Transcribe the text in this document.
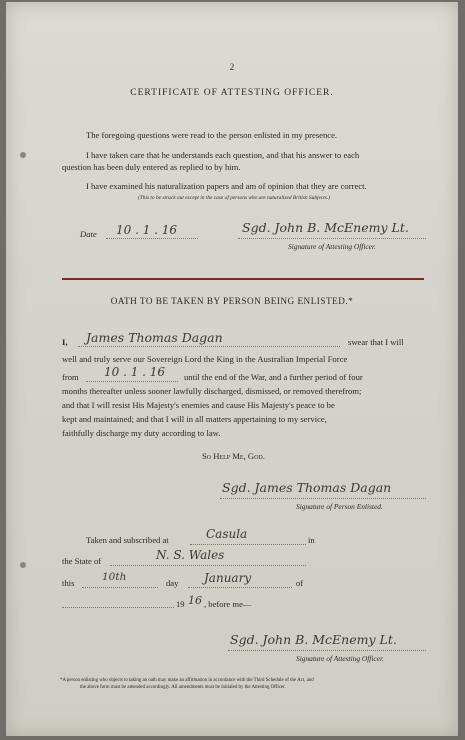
2
CERTIFICATE OF ATTESTING OFFICER.
The foregoing questions were read to the person enlisted in my presence.
I have taken care that he understands each question, and that his answer to each
question has been duly entered as replied to by him.
I have examined his naturalization papers and am of opinion that they are correct.
(This to be struck out except in the case of persons who are naturalized British Subjects.)
Date 10 . 1 . 16	Sgd. John B. McEnemy Lt.
Signature of Attesting Officer.
OATH TO BE TAKEN BY PERSON BEING ENLISTED.*
I, James Thomas Dagan	swear that I will
well and truly serve our Sovereign Lord the King in the Australian Imperial Force
from 10 . 1 . 16 until the end of the War, and a further period of four
months thereafter unless sooner lawfully discharged, dismissed, or removed therefrom;
and that I will resist His Majesty's enemies and cause His Majesty's peace to be
kept and maintained; and that I will in all matters appertaining to my service,
faithfully discharge my duty according to law.
So Help Me, God.
Sgd. James Thomas Dagan
Signature of Person Enlisted.
Taken and subscribed at	Casula	in
the State of	N. S. Wales
this	10th	day January	of
19 16 , before me—
Sgd. John B. McEnemy Lt.
Signature of Attesting Officer.
*A person enlisting who objects to taking an oath may make an affirmation in accordance with the Third Schedule of the Act, and
the above form must be amended accordingly. All amendments must be initialed by the Attesting Officer.
